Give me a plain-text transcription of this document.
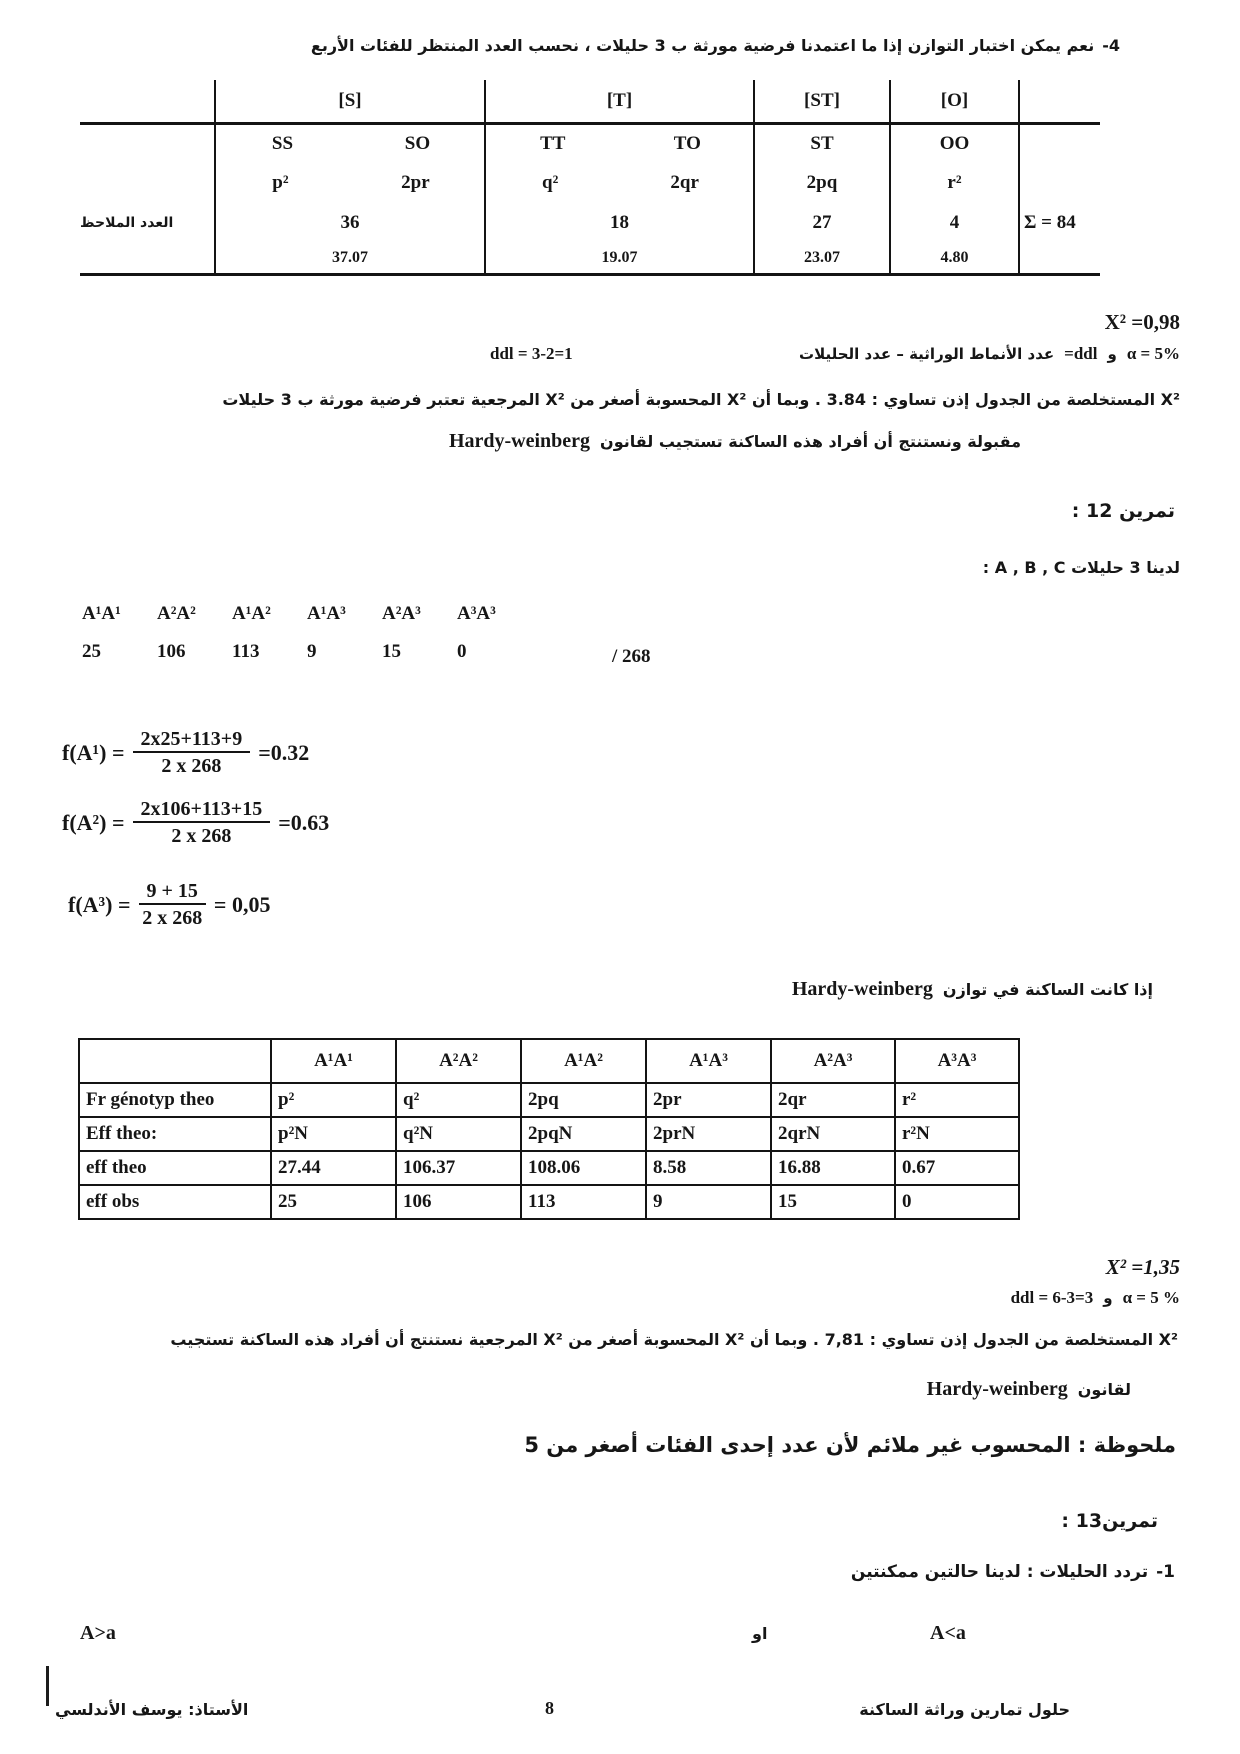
4-
نعم يمكن اختبار التوازن إذا ما اعتمدنا فرضية مورثة ب 3 حليلات ، نحسب العدد المنتظر للفئات الأربع
[S]	[T]	[ST]	[O]
SS	SO	TT	TO	ST	OO
p²	2pr	q²	2qr	2pq	r²
العدد الملاحظ	36	18	27	4	Σ = 84
37.07	19.07	23.07	4.80
X² =0,98
ddl = 3-2=1	عدد الأنماط الوراثية – عدد الحليلات =ddl و α = 5%
X² المستخلصة من الجدول إذن تساوي : 3.84 . وبما أن X² المحسوبة أصغر من X² المرجعية تعتبر فرضية مورثة ب 3 حليلات
مقبولة ونستنتج أن أفراد هذه الساكنة تستجيب لقانون
Hardy-weinberg
تمرين 12 :
لدينا 3 حليلات A , B , C :
A¹A¹	A²A²	A¹A²	A¹A³	A²A³	A³A³
25	106	113	9	15	0	/ 268
$f(A^1) = \frac{2x25+113+9}{2 x 268} =0.32$
$f(A^2) = \frac{2x106+113+15}{2 x 268} =0.63$
$f(A^3) = \frac{9 + 15}{2 x 268} = 0,05$
إذا كانت الساكنة في توازن
Hardy-weinberg
	A¹A¹	A²A²	A¹A²	A¹A³	A²A³	A³A³
Fr génotyp theo	p²	q²	2pq	2pr	2qr	r²
Eff theo:	p²N	q²N	2pqN	2prN	2qrN	r²N
eff theo	27.44	106.37	108.06	8.58	16.88	0.67
eff obs	25	106	113	9	15	0
X² =1,35
ddl = 6-3=3 و α = 5 %
X² المستخلصة من الجدول إذن تساوي : 7,81 . وبما أن X² المحسوبة أصغر من X² المرجعية نستنتج أن أفراد هذه الساكنة تستجيب
لقانون
Hardy-weinberg
ملحوظة : المحسوب غير ملائم لأن عدد إحدى الفئات أصغر من 5
تمرين13 :
1-
تردد الحليلات : لدينا حالتين ممكنتين
A>a	او	A<a
الأستاذ: يوسف الأندلسي	8	حلول تمارين وراثة الساكنة
